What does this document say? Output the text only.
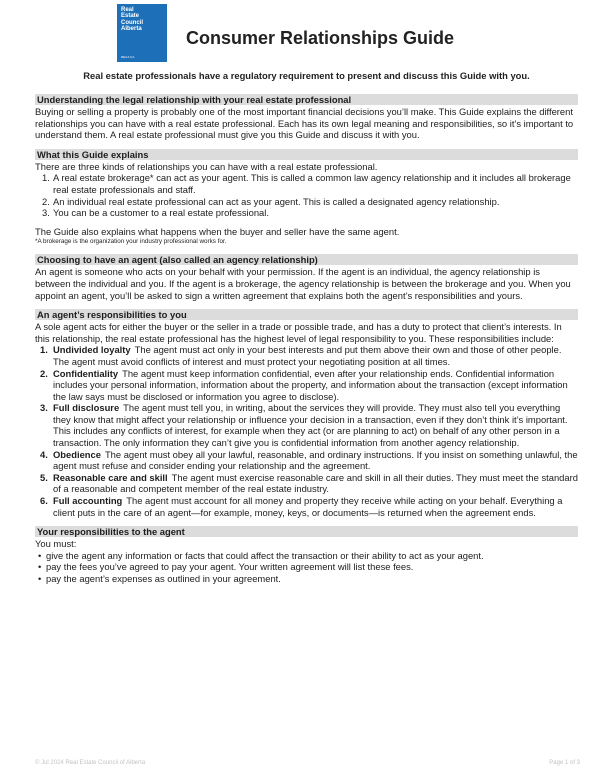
Real
Estate
Council
Alberta
RECA.CA
Consumer Relationships Guide
Real estate professionals have a regulatory requirement to present and discuss this Guide with you.
Understanding the legal relationship with your real estate professional

Buying or selling a property is probably one of the most important financial decisions you’ll make. This Guide explains the different relationships you can have with a real estate professional. Each has its own legal meaning and responsibilities, so it’s important to understand them. A real estate professional must give you this Guide and discuss it with you.

What this Guide explains

There are three kinds of relationships you can have with a real estate professional.

1. A real estate brokerage* can act as your agent. This is called a common law agency relationship and it includes all brokerage real estate professionals and staff.
2. An individual real estate professional can act as your agent. This is called a designated agency relationship.
3. You can be a customer to a real estate professional.

The Guide also explains what happens when the buyer and seller have the same agent.

*A brokerage is the organization your industry professional works for.

Choosing to have an agent (also called an agency relationship)

An agent is someone who acts on your behalf with your permission. If the agent is an individual, the agency relationship is between the individual and you. If the agent is a brokerage, the agency relationship is between the brokerage and you. When you appoint an agent, you’ll be asked to sign a written agreement that explains both the agent’s responsibilities and yours.

An agent’s responsibilities to you

A sole agent acts for either the buyer or the seller in a trade or possible trade, and has a duty to protect that client’s interests. In this relationship, the real estate professional has the highest level of legal responsibility to you. These responsibilities include:

1. Undivided loyalty The agent must act only in your best interests and put them above their own and those of other people. The agent must avoid conflicts of interest and must protect your negotiating position at all times.
2. Confidentiality The agent must keep information confidential, even after your relationship ends. Confidential information includes your personal information, information about the property, and information about the transaction (except information the law says must be disclosed or information you agree to disclose).
3. Full disclosure The agent must tell you, in writing, about the services they will provide. They must also tell you everything they know that might affect your relationship or influence your decision in a transaction, even if they don’t think it’s important. This includes any conflicts of interest, for example when they act (or are planning to act) on behalf of any other person in a transaction. The only information they can’t give you is confidential information from another agency relationship.
4. Obedience The agent must obey all your lawful, reasonable, and ordinary instructions. If you insist on something unlawful, the agent must refuse and consider ending your relationship and the agreement.
5. Reasonable care and skill The agent must exercise reasonable care and skill in all their duties. They must meet the standard of a reasonable and competent member of the real estate industry.
6. Full accounting The agent must account for all money and property they receive while acting on your behalf. Everything a client puts in the care of an agent—for example, money, keys, or documents—is returned when the agreement ends.
Your responsibilities to the agent

You must:

• give the agent any information or facts that could affect the transaction or their ability to act as your agent.
• pay the fees you’ve agreed to pay your agent. Your written agreement will list these fees.
• pay the agent’s expenses as outlined in your agreement.
© Jul 2024 Real Estate Council of Alberta	Page 1 of 3
